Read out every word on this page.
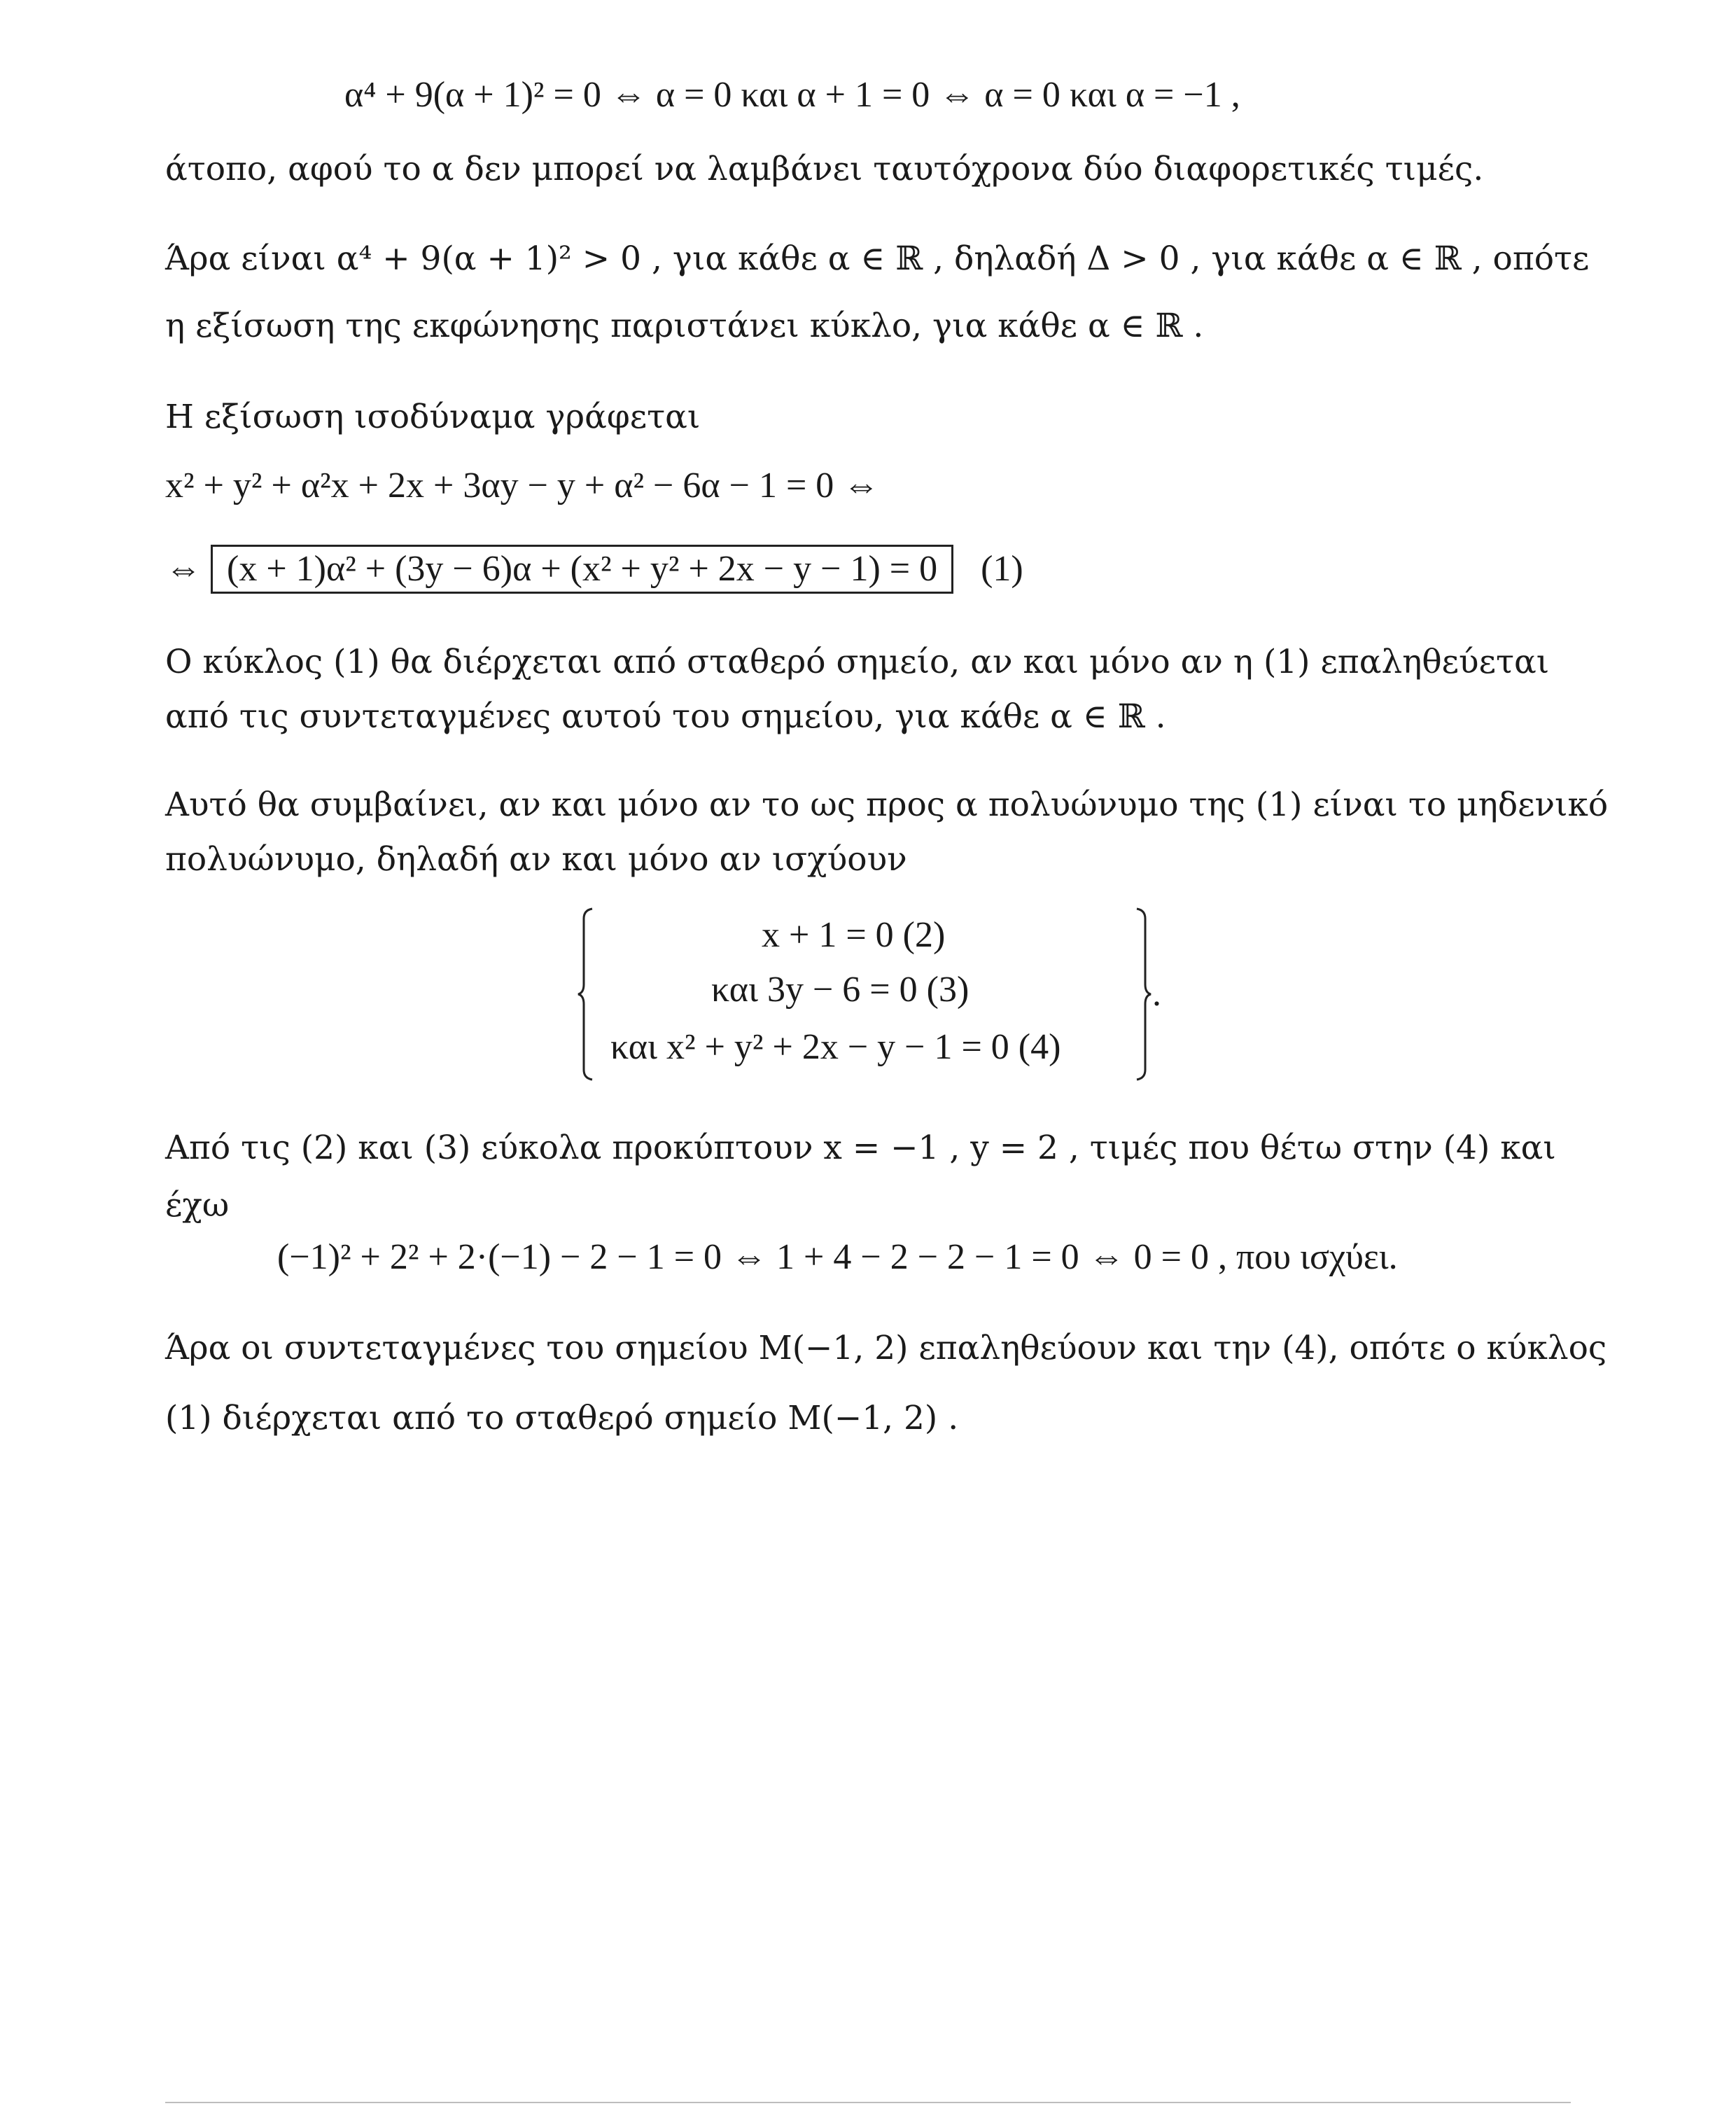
α⁴ + 9(α + 1)² = 0 ⇔ α = 0 και α + 1 = 0 ⇔ α = 0 και α = −1 ,
άτοπο, αφού το α δεν μπορεί να λαμβάνει ταυτόχρονα δύο διαφορετικές τιμές.
Άρα είναι α⁴ + 9(α + 1)² > 0 , για κάθε α ∈ ℝ , δηλαδή Δ > 0 , για κάθε α ∈ ℝ , οπότε
η εξίσωση της εκφώνησης παριστάνει κύκλο, για κάθε α ∈ ℝ .
Η εξίσωση ισοδύναμα γράφεται
x² + y² + α²x + 2x + 3αy − y + α² − 6α − 1 = 0 ⇔
⇔ (x + 1)α² + (3y − 6)α + (x² + y² + 2x − y − 1) = 0 (1)
Ο κύκλος (1) θα διέρχεται από σταθερό σημείο, αν και μόνο αν η (1) επαληθεύεται
από τις συντεταγμένες αυτού του σημείου, για κάθε α ∈ ℝ .
Αυτό θα συμβαίνει, αν και μόνο αν το ως προς α πολυώνυμο της (1) είναι το μηδενικό
πολυώνυμο, δηλαδή αν και μόνο αν ισχύουν
x + 1 = 0 (2)
και 3y − 6 = 0 (3)
και x² + y² + 2x − y − 1 = 0 (4)
.
Από τις (2) και (3) εύκολα προκύπτουν x = −1 , y = 2 , τιμές που θέτω στην (4) και
έχω
(−1)² + 2² + 2·(−1) − 2 − 1 = 0 ⇔ 1 + 4 − 2 − 2 − 1 = 0 ⇔ 0 = 0 , που ισχύει.
Άρα οι συντεταγμένες του σημείου M(−1, 2) επαληθεύουν και την (4), οπότε ο κύκλος
(1) διέρχεται από το σταθερό σημείο M(−1, 2) .
